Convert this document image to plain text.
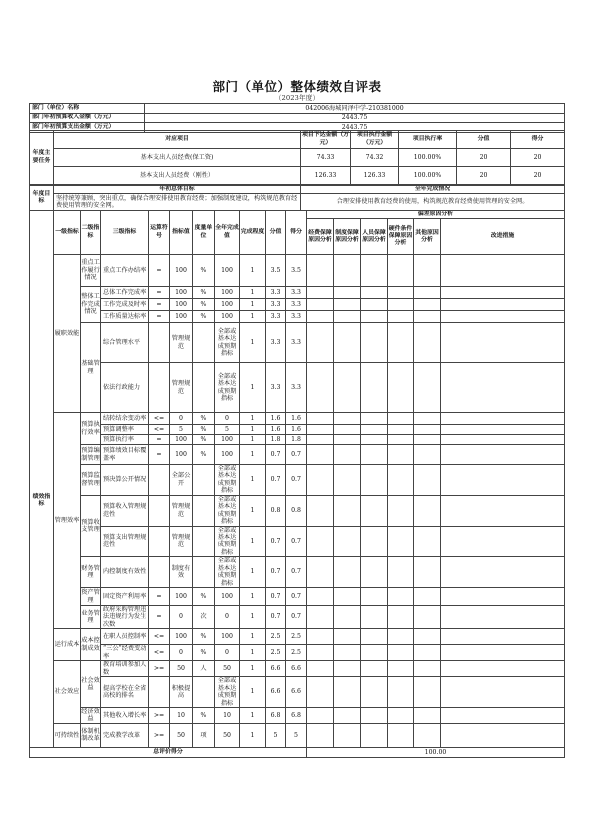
部门（单位）整体绩效自评表
（2023年度）
部门（单位）名称	042006海城同泽中学-210381000
部门年初预算收入金额（万元）	2443.75
部门年初预算支出金额（万元）	2443.75
年度主要任务	对应项目	项目下达金额（万元）	项目执行金额（万元）	项目执行率	分值	得分
	基本支出人员经费(保工资)	74.33	74.32	100.00%	20	20
	基本支出人员经费（刚性）	126.33	126.33	100.00%	20	20
年度目标	年初总体目标	全年完成情况
	坚持统筹兼顾，突出重点，确保合理安排使用教育经费；加强制度建设，构筑规范教育经费使用管理的安全网。	合理安排使用教育经费的使用，构筑规范教育经费使用管理的安全网。
	一级指标	二级指标	三级指标	运算符号	指标值	度量单位	全年完成值	完成程度	分值	得分	偏差原因分析					
											经费保障原因分析	制度保障原因分析	人员保障原因分析	硬件条件保障原因分析	其他原因分析	改进措施

绩效指标	履职效能	重点工作履行情况	重点工作办结率	=	100	%	100	1	3.5	3.5						
		整体工作完成情况	总体工作完成率	=	100	%	100	1	3.3	3.3						
			工作完成及时率	=	100	%	100	1	3.3	3.3						
			工作质量达标率	=	100	%	100	1	3.3	3.3						
		基础管理	综合管理水平		管理规范		全部或基本达成预期指标	1	3.3	3.3						
			依法行政能力		管理规范		全部或基本达成预期指标	1	3.3	3.3						
	管理效率	预算执行效率	结转结余变动率	<=	0	%	0	1	1.6	1.6						
			预算调整率	<=	5	%	5	1	1.6	1.6						
			预算执行率	=	100	%	100	1	1.8	1.8						
		预算编制管理	预算绩效目标覆盖率	=	100	%	100	1	0.7	0.7						
		预算监督管理	预决算公开情况		全部公开		全部或基本达成预期指标	1	0.7	0.7						
		预算收支管理	预算收入管理规范性		管理规范		全部或基本达成预期指标	1	0.8	0.8						
			预算支出管理规范性		管理规范		全部或基本达成预期指标	1	0.7	0.7						
		财务管理	内控制度有效性		制度有效		全部或基本达成预期指标	1	0.7	0.7						
		资产管理	固定资产利用率	=	100	%	100	1	0.7	0.7						
		业务管理	政府采购管理违法违规行为发生次数	=	0	次	0	1	0.7	0.7						
	运行成本	成本控制成效	在职人员控制率	<=	100	%	100	1	2.5	2.5						
			“三公”经费变动率	<=	0	%	0	1	2.5	2.5						
	社会效应	社会效益	教育培训参加人数	>=	50	人	50	1	6.6	6.6						
			提高学校在全省高校的排名		积极提高		全部或基本达成预期指标	1	6.6	6.6						
		经济效益	其他收入增长率	>=	10	%	10	1	6.8	6.8						
	可持续性	体制机制改革	完成教学改革	>=	50	项	50	1	5	5						
总评价得分											100.00					
